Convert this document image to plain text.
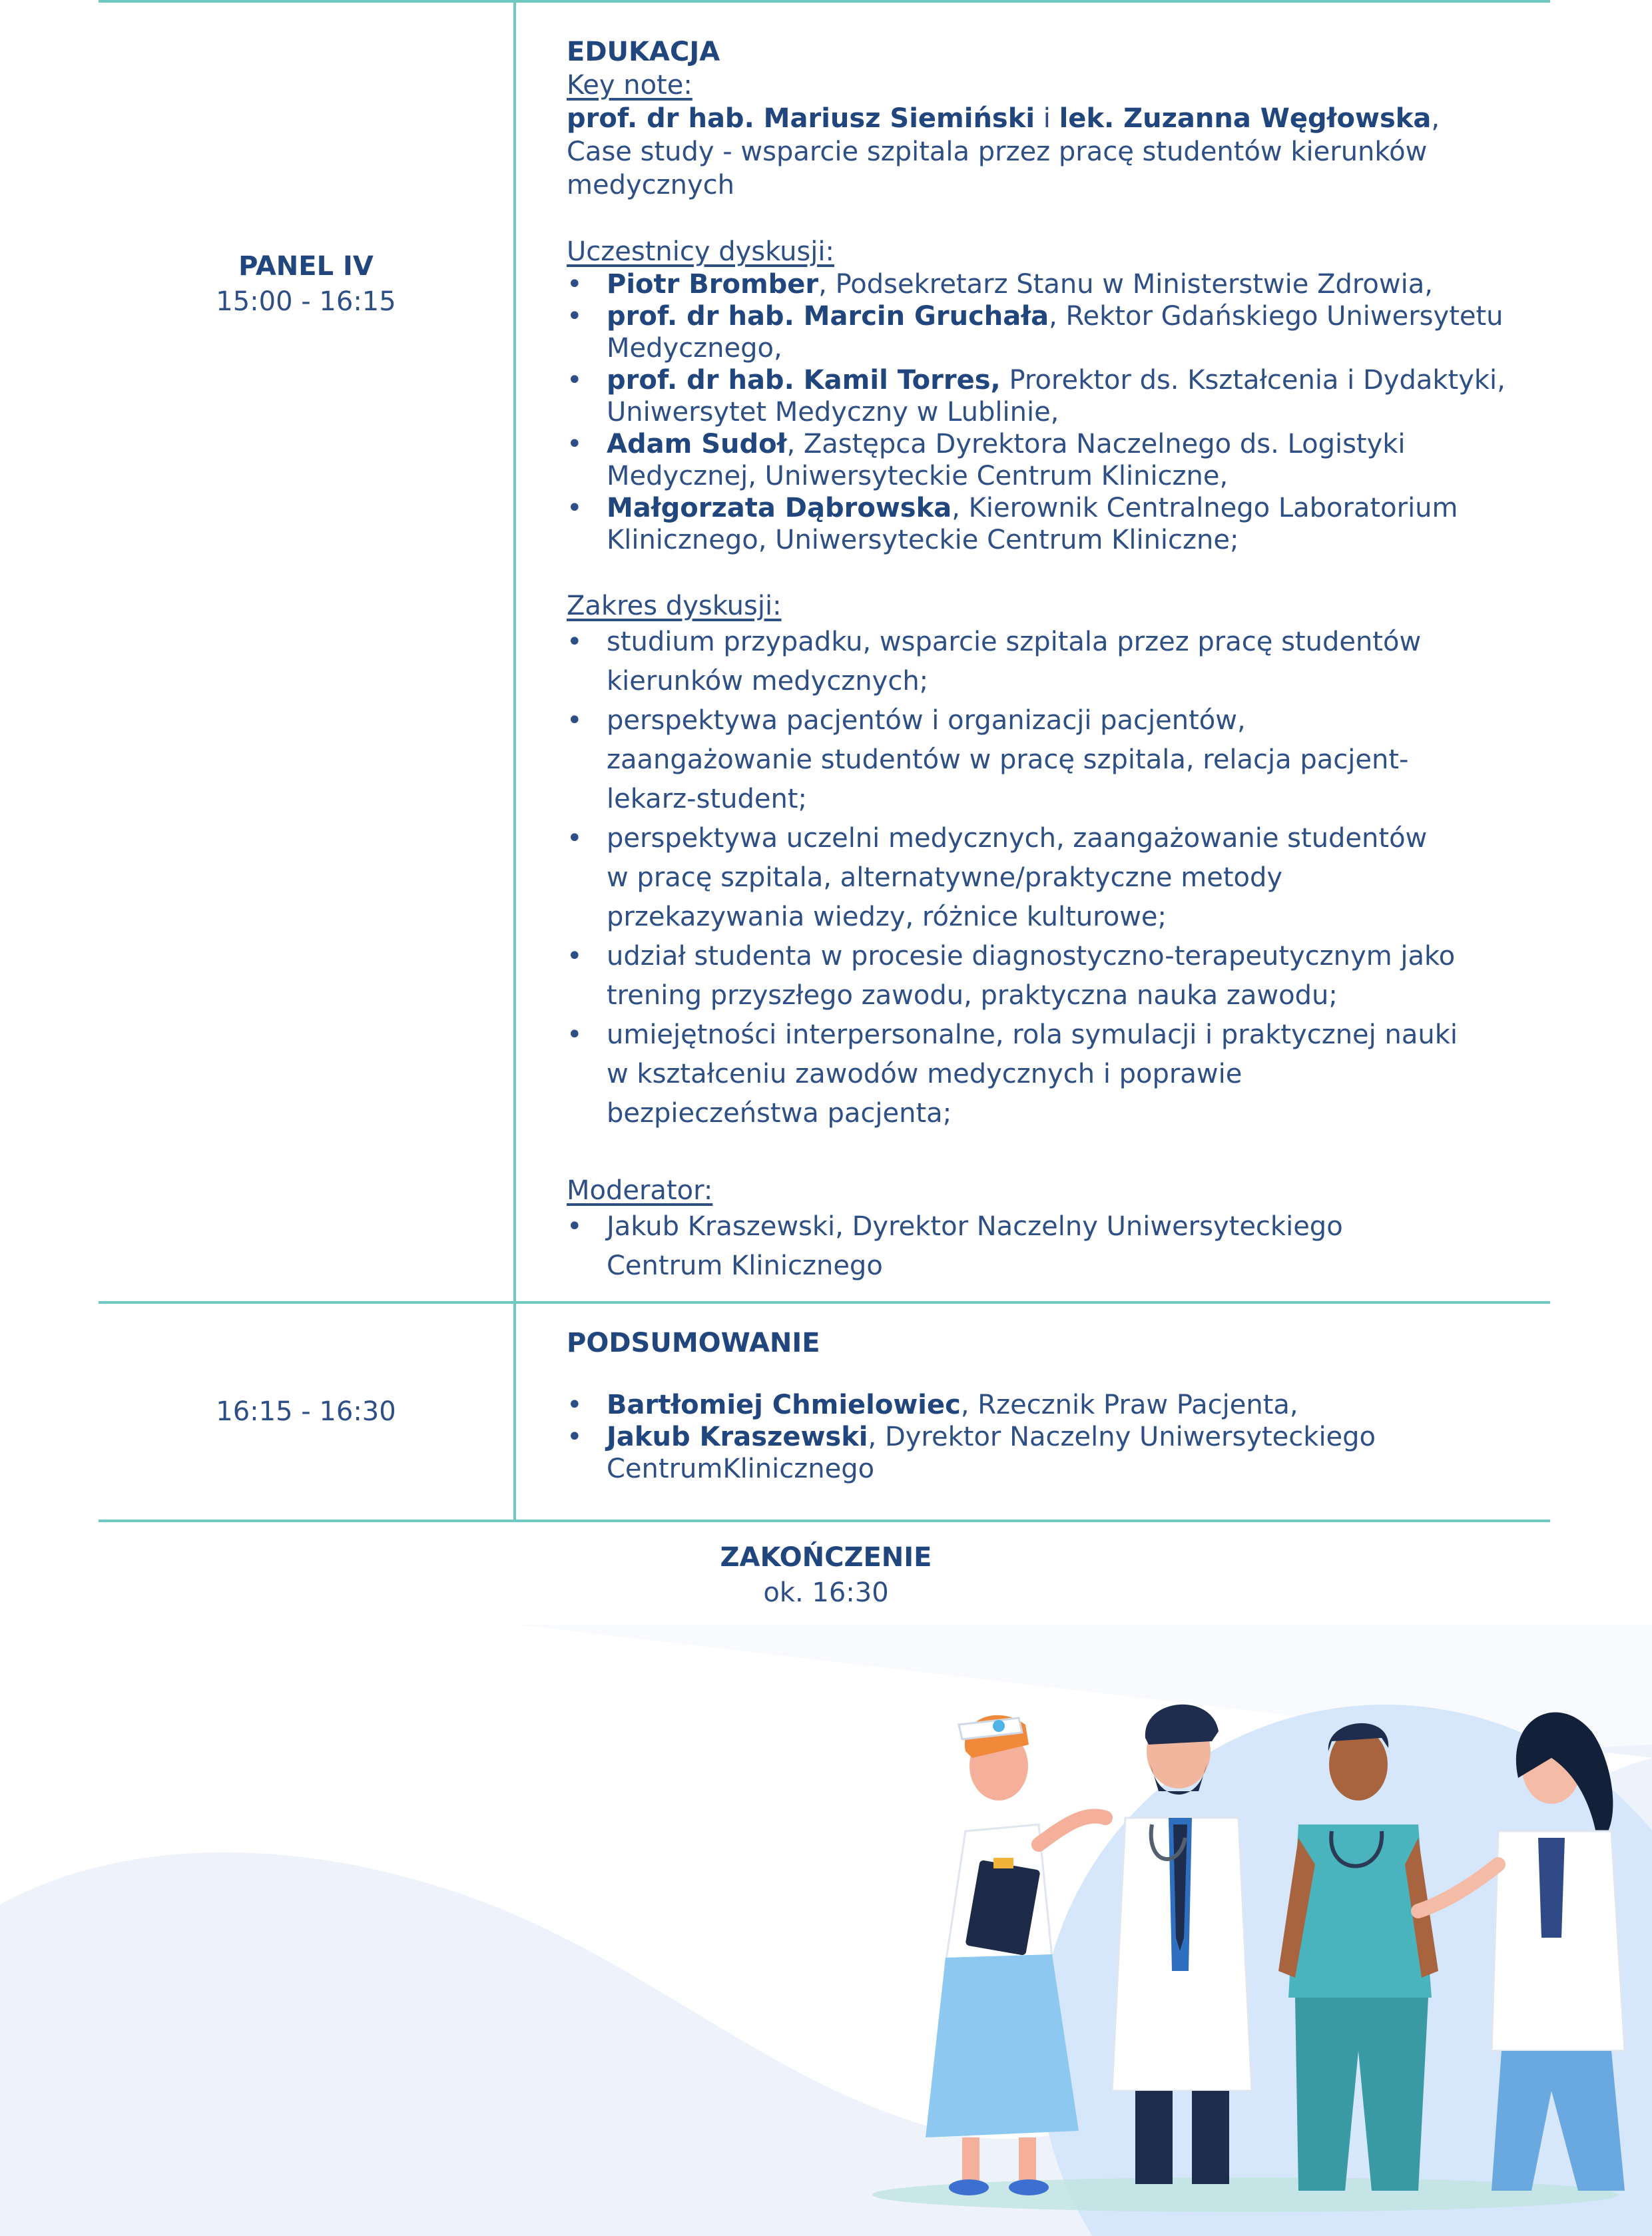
PANEL IV
15:00 - 16:15
EDUKACJA
Key note:
prof. dr hab. Mariusz Siemiński i lek. Zuzanna Węgłowska,
Case study - wsparcie szpitala przez pracę studentów kierunków
medycznych
Uczestnicy dyskusji:
• Piotr Bromber, Podsekretarz Stanu w Ministerstwie Zdrowia,
• prof. dr hab. Marcin Gruchała, Rektor Gdańskiego Uniwersytetu
Medycznego,
• prof. dr hab. Kamil Torres, Prorektor ds. Kształcenia i Dydaktyki,
Uniwersytet Medyczny w Lublinie,
• Adam Sudoł, Zastępca Dyrektora Naczelnego ds. Logistyki
Medycznej, Uniwersyteckie Centrum Kliniczne,
• Małgorzata Dąbrowska, Kierownik Centralnego Laboratorium
Klinicznego, Uniwersyteckie Centrum Kliniczne;
Zakres dyskusji:
• studium przypadku, wsparcie szpitala przez pracę studentów
kierunków medycznych;
• perspektywa pacjentów i organizacji pacjentów,
zaangażowanie studentów w pracę szpitala, relacja pacjent-
lekarz-student;
• perspektywa uczelni medycznych, zaangażowanie studentów
w pracę szpitala, alternatywne/praktyczne metody
przekazywania wiedzy, różnice kulturowe;
• udział studenta w procesie diagnostyczno-terapeutycznym jako
trening przyszłego zawodu, praktyczna nauka zawodu;
• umiejętności interpersonalne, rola symulacji i praktycznej nauki
w kształceniu zawodów medycznych i poprawie
bezpieczeństwa pacjenta;
Moderator:
• Jakub Kraszewski, Dyrektor Naczelny Uniwersyteckiego
Centrum Klinicznego
16:15 - 16:30
PODSUMOWANIE
• Bartłomiej Chmielowiec, Rzecznik Praw Pacjenta,
• Jakub Kraszewski, Dyrektor Naczelny Uniwersyteckiego
CentrumKlinicznego
ZAKOŃCZENIE
ok. 16:30
